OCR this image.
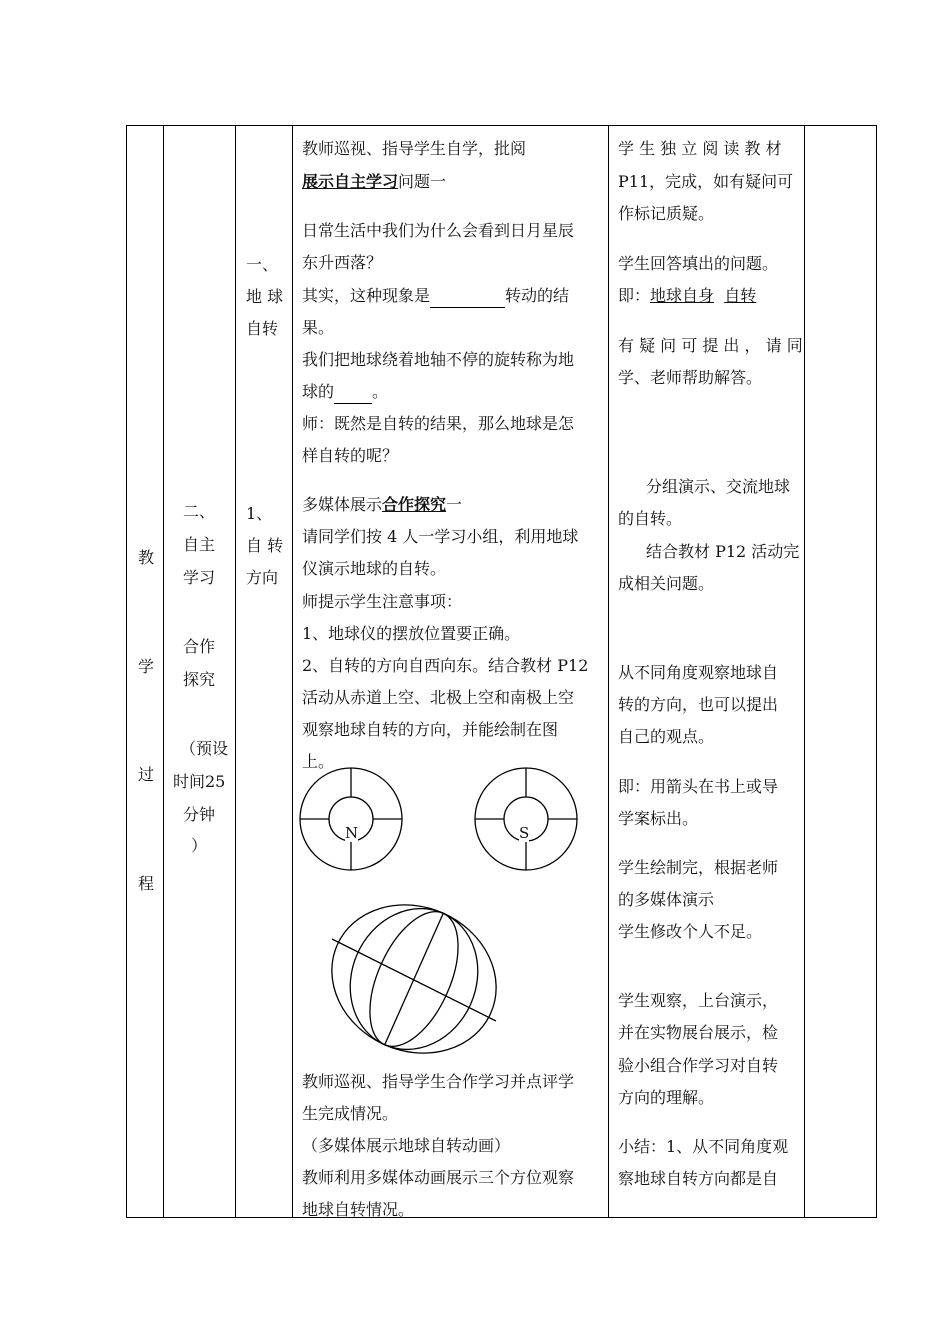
教
学
过
程
二、
自主
学习
合作
探究
（预设
时间25
分钟
）
一、
地 球
自转
1、
自 转
方向
教师巡视、指导学生自学，批阅
展示自主学习问题一
日常生活中我们为什么会看到日月星辰
东升西落？
其实，这种现象是	转动的结
果。
我们把地球绕着地轴不停的旋转称为地
球的 。
师：既然是自转的结果，那么地球是怎
样自转的呢？
多媒体展示合作探究一
请同学们按 4 人一学习小组，利用地球
仪演示地球的自转。
师提示学生注意事项：
1、地球仪的摆放位置要正确。
2、自转的方向自西向东。结合教材 P12
活动从赤道上空、北极上空和南极上空
观察地球自转的方向，并能绘制在图
上。
N	S
教师巡视、指导学生合作学习并点评学
生完成情况。
（多媒体展示地球自转动画）
教师利用多媒体动画展示三个方位观察
地球自转情况。
学 生 独 立 阅 读 教 材
P11，完成，如有疑问可
作标记质疑。
学生回答填出的问题。
即：地球自身 自转
有 疑 问 可 提 出 ， 请 同
学、老师帮助解答。
分组演示、交流地球
的自转。
结合教材 P12 活动完
成相关问题。
从不同角度观察地球自
转的方向，也可以提出
自己的观点。
即：用箭头在书上或导
学案标出。
学生绘制完，根据老师
的多媒体演示
学生修改个人不足。
学生观察，上台演示，
并在实物展台展示，检
验小组合作学习对自转
方向的理解。
小结：1、从不同角度观
察地球自转方向都是自
